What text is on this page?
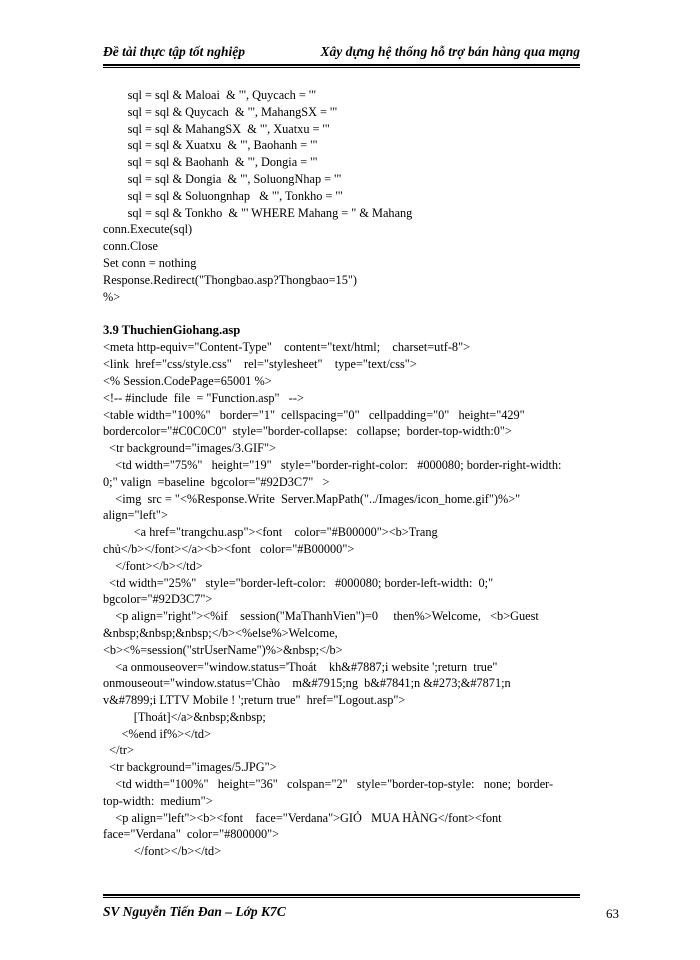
Đề tài thực tập tốt nghiệp	Xây dựng hệ thống hỗ trợ bán hàng qua mạng
sql = sql & Maloai  & "', Quycach = '"
sql = sql & Quycach  & "', MahangSX = '"
sql = sql & MahangSX  & "', Xuatxu = '"
sql = sql & Xuatxu  & "', Baohanh = '"
sql = sql & Baohanh  & "', Dongia = '"
sql = sql & Dongia  & "', SoluongNhap = '"
sql = sql & Soluongnhap   & "', Tonkho = '"
sql = sql & Tonkho  & "' WHERE Mahang = " & Mahang
conn.Execute(sql)
conn.Close
Set conn = nothing
Response.Redirect("Thongbao.asp?Thongbao=15")
%>
3.9 ThuchienGiohang.asp
<meta http-equiv="Content-Type"    content="text/html;    charset=utf-8">
<link  href="css/style.css"    rel="stylesheet"    type="text/css">
<% Session.CodePage=65001 %>
<!-- #include  file  = "Function.asp"   -->
<table width="100%"   border="1"  cellspacing="0"   cellpadding="0"   height="429"
bordercolor="#C0C0C0"  style="border-collapse:   collapse;  border-top-width:0">
<tr background="images/3.GIF">
<td width="75%"   height="19"   style="border-right-color:   #000080; border-right-width:
0;" valign  =baseline  bgcolor="#92D3C7"   >
<img  src = "<%Response.Write  Server.MapPath("../Images/icon_home.gif")%>"
align="left">
<a href="trangchu.asp"><font    color="#B00000"><b>Trang
chủ</b></font></a><b><font   color="#B00000">
</font></b></td>
<td width="25%"   style="border-left-color:   #000080; border-left-width:  0;"
bgcolor="#92D3C7">
<p align="right"><%if    session("MaThanhVien")=0     then%>Welcome,   <b>Guest
&nbsp;&nbsp;&nbsp;</b><%else%>Welcome,
<b><%=session("strUserName")%>&nbsp;</b>
<a onmouseover="window.status='Thoát    kh&#7887;i website ';return  true"
onmouseout="window.status='Chào    m&#7915;ng  b&#7841;n &#273;&#7871;n
v&#7899;i LTTV Mobile ! ';return true"  href="Logout.asp">
[Thoát]</a>&nbsp;&nbsp;
<%end if%></td>
</tr>
<tr background="images/5.JPG">
<td width="100%"   height="36"   colspan="2"   style="border-top-style:   none;  border-
top-width:  medium">
<p align="left"><b><font    face="Verdana">GIỎ   MUA HÀNG</font><font
face="Verdana"  color="#800000">
</font></b></td>
SV Nguyễn Tiến Đan – Lớp K7C	63
